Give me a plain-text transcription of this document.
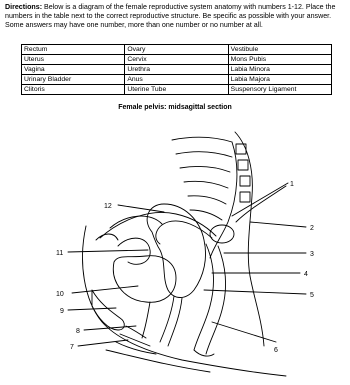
Directions: Below is a diagram of the female reproductive system anatomy with numbers 1-12. Place the numbers in the table next to the correct reproductive structure. Be specific as possible with your answer. Some answers may have one number, more than one number or no number at all.

Rectum	Ovary	Vestibule
Uterus	Cervix	Mons Pubis
Vagina	Urethra	Labia Minora
Urinary Bladder	Anus	Labia Majora
Clitoris	Uterine Tube	Suspensory Ligament
Female pelvis: midsagittal section
1
2
3
4
5
6
7
8
9
10
11
12
